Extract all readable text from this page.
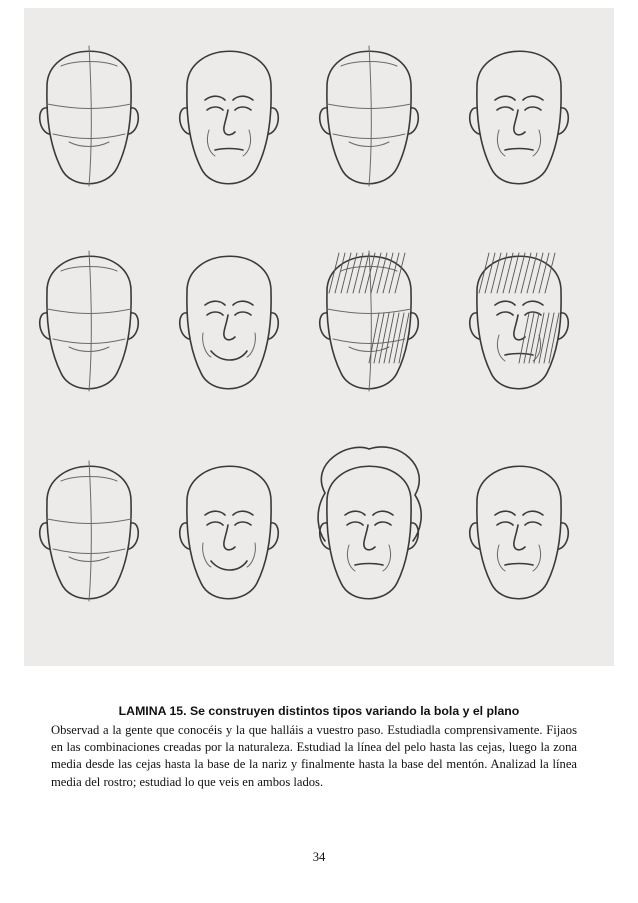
LAMINA 15. Se construyen distintos tipos variando la bola y el plano
Observad a la gente que conocéis y la que halláis a vuestro paso. Estudiadla comprensivamente. Fijaos en las combinaciones creadas por la naturaleza. Estudiad la línea del pelo hasta las cejas, luego la zona media desde las cejas hasta la base de la nariz y finalmente hasta la base del mentón. Analizad la línea media del rostro; estudiad lo que veis en ambos lados.
34
